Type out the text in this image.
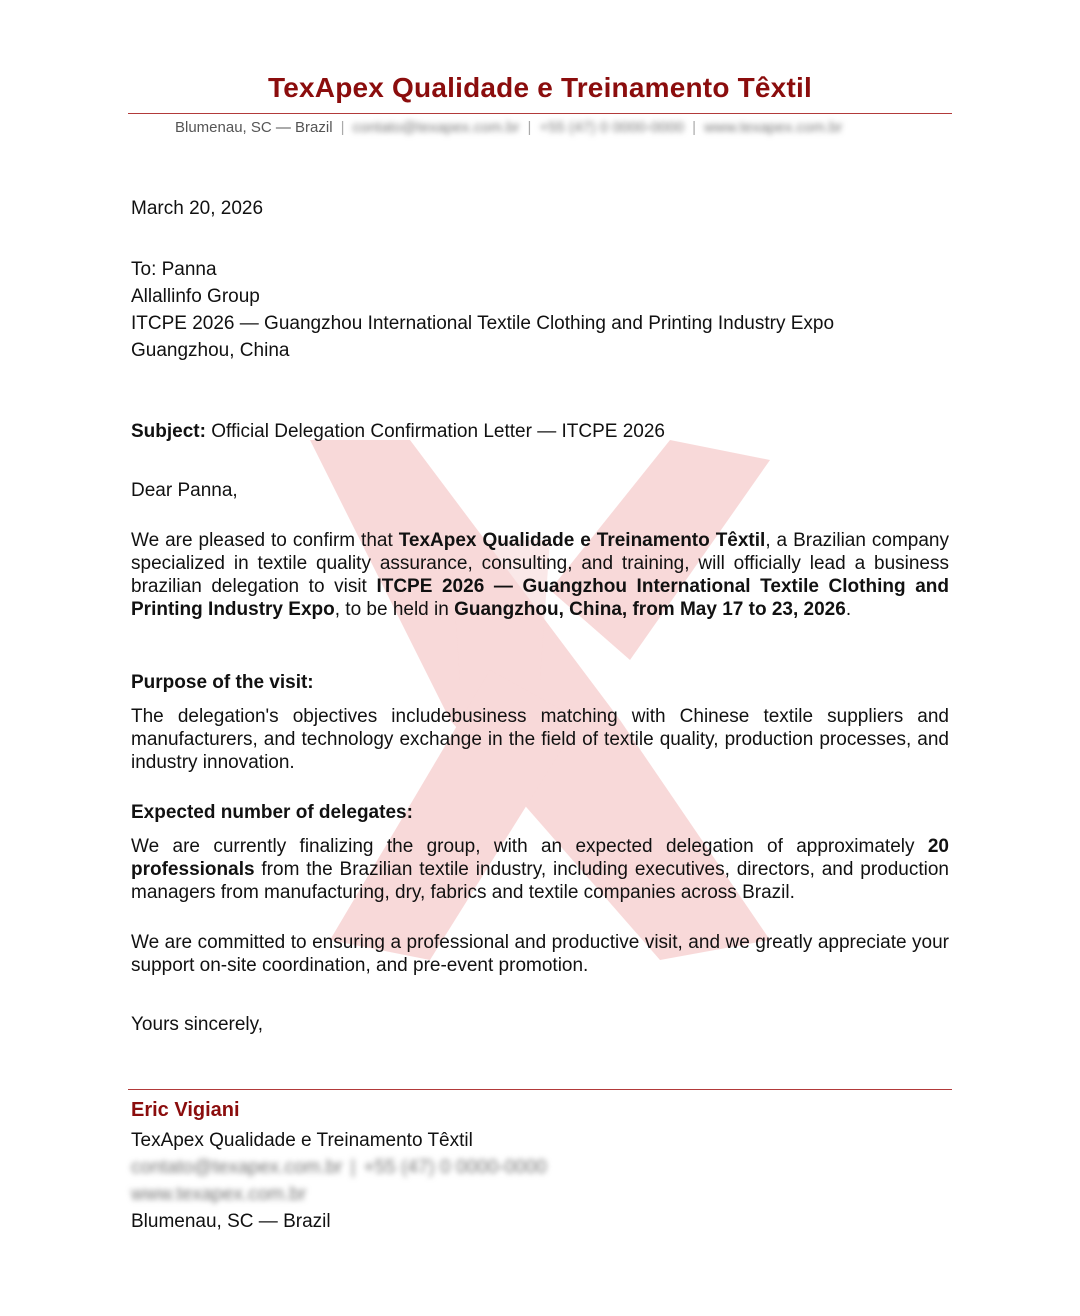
TexApex Qualidade e Treinamento Têxtil
Blumenau, SC — Brazil | contato@texapex.com.br | +55 (47) 0 0000-0000 | www.texapex.com.br
March 20, 2026
To: Panna
Allallinfo Group
ITCPE 2026 — Guangzhou International Textile Clothing and Printing Industry Expo
Guangzhou, China
Subject: Official Delegation Confirmation Letter — ITCPE 2026
Dear Panna,
We are pleased to confirm that TexApex Qualidade e Treinamento Têxtil, a Brazilian company specialized in textile quality assurance, consulting, and training, will officially lead a business brazilian delegation to visit ITCPE 2026 — Guangzhou International Textile Clothing and Printing Industry Expo, to be held in Guangzhou, China, from May 17 to 23, 2026.
Purpose of the visit:
The delegation's objectives includebusiness matching with Chinese textile suppliers and manufacturers, and technology exchange in the field of textile quality, production processes, and industry innovation.
Expected number of delegates:
We are currently finalizing the group, with an expected delegation of approximately 20 professionals from the Brazilian textile industry, including executives, directors, and production managers from manufacturing, dry, fabrics and textile companies across Brazil.
We are committed to ensuring a professional and productive visit, and we greatly appreciate your support on-site coordination, and pre-event promotion.
Yours sincerely,
Eric Vigiani
TexApex Qualidade e Treinamento Têxtil
contato@texapex.com.br | +55 (47) 0 0000-0000
www.texapex.com.br
Blumenau, SC — Brazil
